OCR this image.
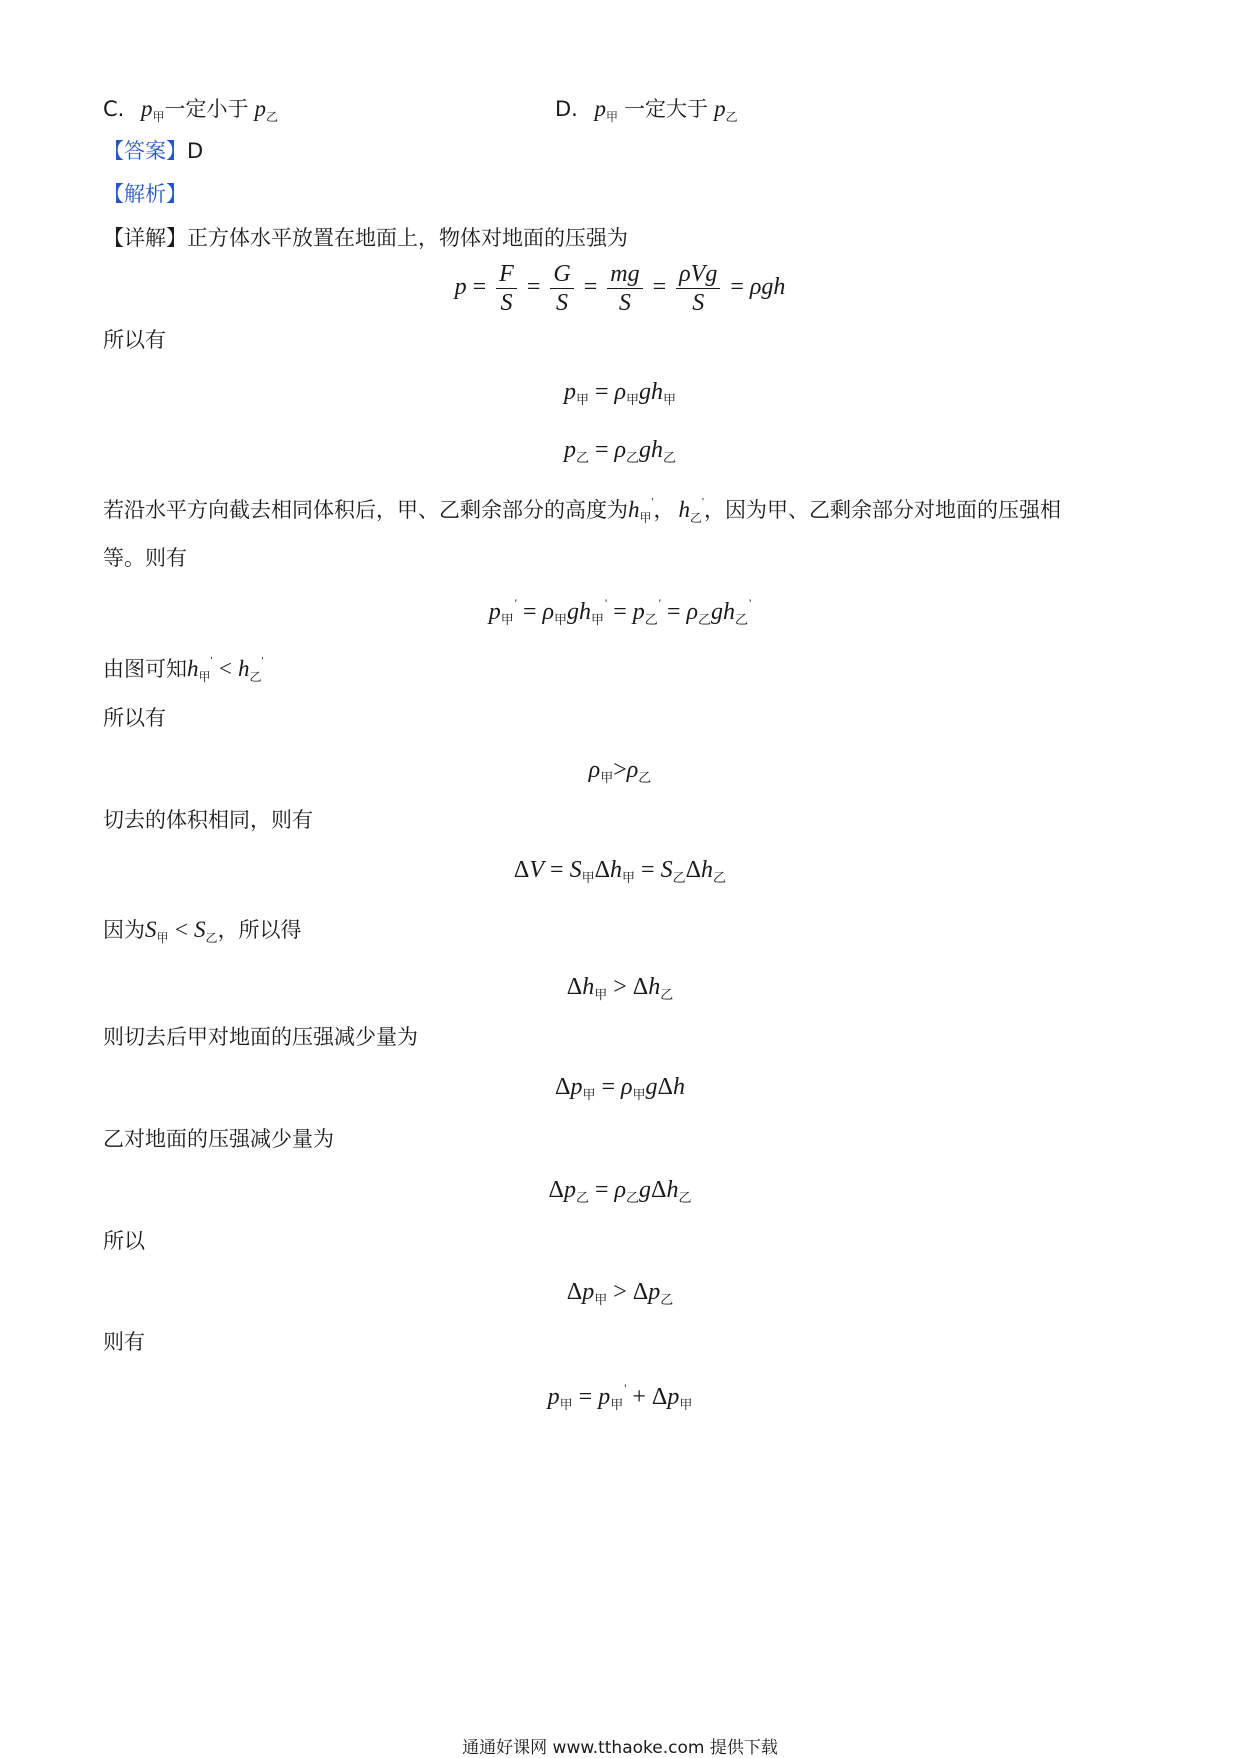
C. $p_甲$一定小于 $p_乙$	D. $p_甲$ 一定大于 $p_乙$
【答案】D
【解析】
【详解】正方体水平放置在地面上，物体对地面的压强为
$p = \frac{F}{S} = \frac{G}{S} = \frac{mg}{S} = \frac{\text{ρVg}}{S} = \rho gh$
所以有
$p_甲 = \rho_甲gh_甲$
$p_乙 = \rho_乙gh_乙$
若沿水平方向截去相同体积后，甲、乙剩余部分的高度为$h_甲'$， $h_乙'$，因为甲、乙剩余部分对地面的压强相
等。则有
$p_甲' = \rho_甲gh_甲' = p_乙' = \rho_乙gh_乙'$
由图可知$h_甲' < h_乙'$
所以有
$\rho_甲>\rho_乙$
切去的体积相同，则有
$\Delta V = S_甲\Delta h_甲 = S_乙\Delta h_乙$
因为$S_甲 < S_乙$，所以得
$\Delta h_甲 > \Delta h_乙$
则切去后甲对地面的压强减少量为
$\Delta p_甲 = \rho_甲g\Delta h$
乙对地面的压强减少量为
$\Delta p_乙 = \rho_乙g\Delta h_乙$
所以
$\Delta p_甲 > \Delta p_乙$
则有
$p_甲 = p_甲' + \Delta p_甲$
通通好课网 www.tthaoke.com 提供下载
